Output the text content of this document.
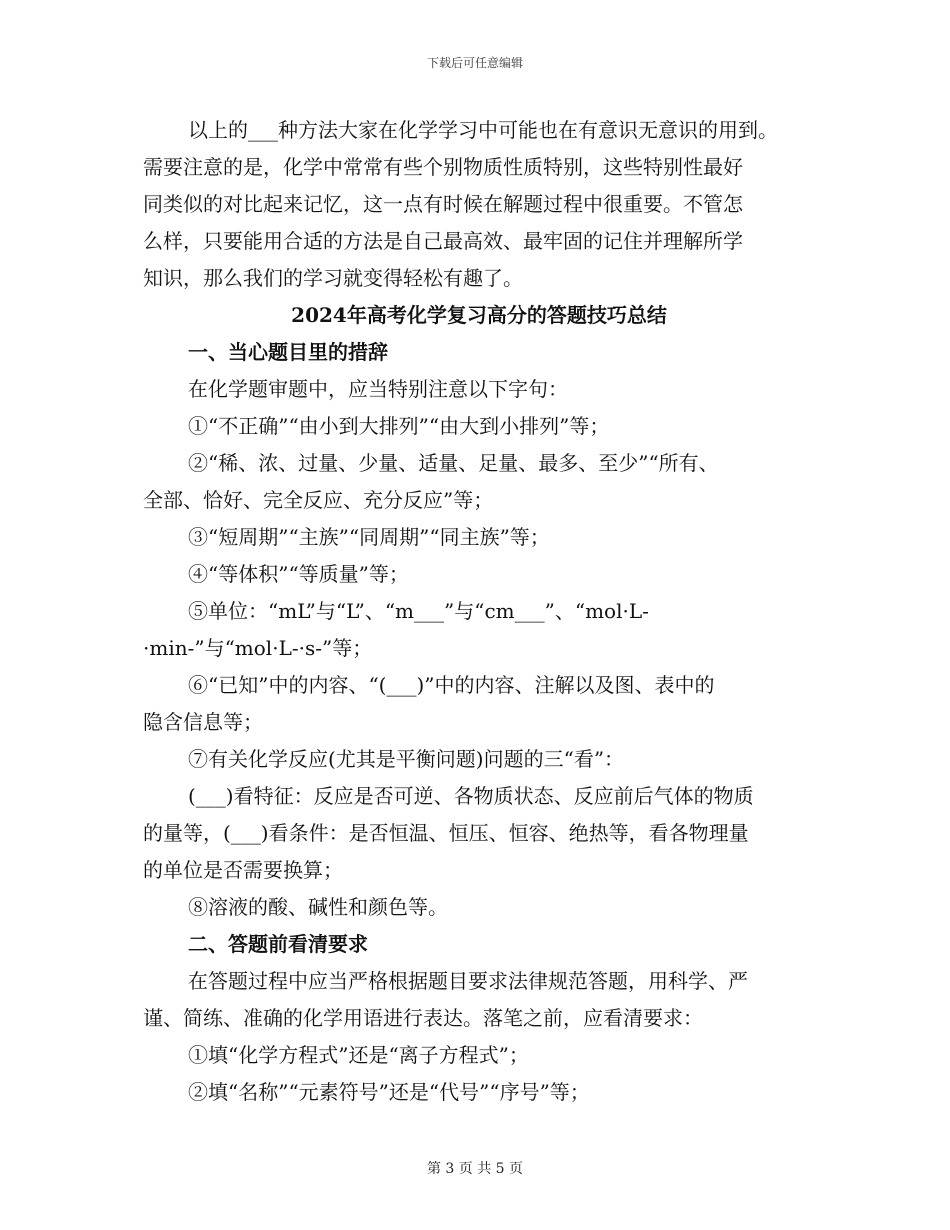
下载后可任意编辑
以上的___种方法大家在化学学习中可能也在有意识无意识的用到。
需要注意的是，化学中常常有些个别物质性质特别，这些特别性最好
同类似的对比起来记忆，这一点有时候在解题过程中很重要。不管怎
么样，只要能用合适的方法是自己最高效、最牢固的记住并理解所学
知识，那么我们的学习就变得轻松有趣了。
2024年高考化学复习高分的答题技巧总结
一、当心题目里的措辞
在化学题审题中，应当特别注意以下字句：
①“不正确”“由小到大排列”“由大到小排列”等；
②“稀、浓、过量、少量、适量、足量、最多、至少”“所有、
全部、恰好、完全反应、充分反应”等；
③“短周期”“主族”“同周期”“同主族”等；
④“等体积”“等质量”等；
⑤单位：“mL”与“L”、“m___”与“cm___”、“mol·L-
·min-”与“mol·L-·s-”等；
⑥“已知”中的内容、“(___)”中的内容、注解以及图、表中的
隐含信息等；
⑦有关化学反应(尤其是平衡问题)问题的三“看”：
(___)看特征：反应是否可逆、各物质状态、反应前后气体的物质
的量等，(___)看条件：是否恒温、恒压、恒容、绝热等，看各物理量
的单位是否需要换算；
⑧溶液的酸、碱性和颜色等。
二、答题前看清要求
在答题过程中应当严格根据题目要求法律规范答题，用科学、严
谨、简练、准确的化学用语进行表达。落笔之前，应看清要求：
①填“化学方程式”还是“离子方程式”；
②填“名称”“元素符号”还是“代号”“序号”等；
第 3 页 共 5 页
